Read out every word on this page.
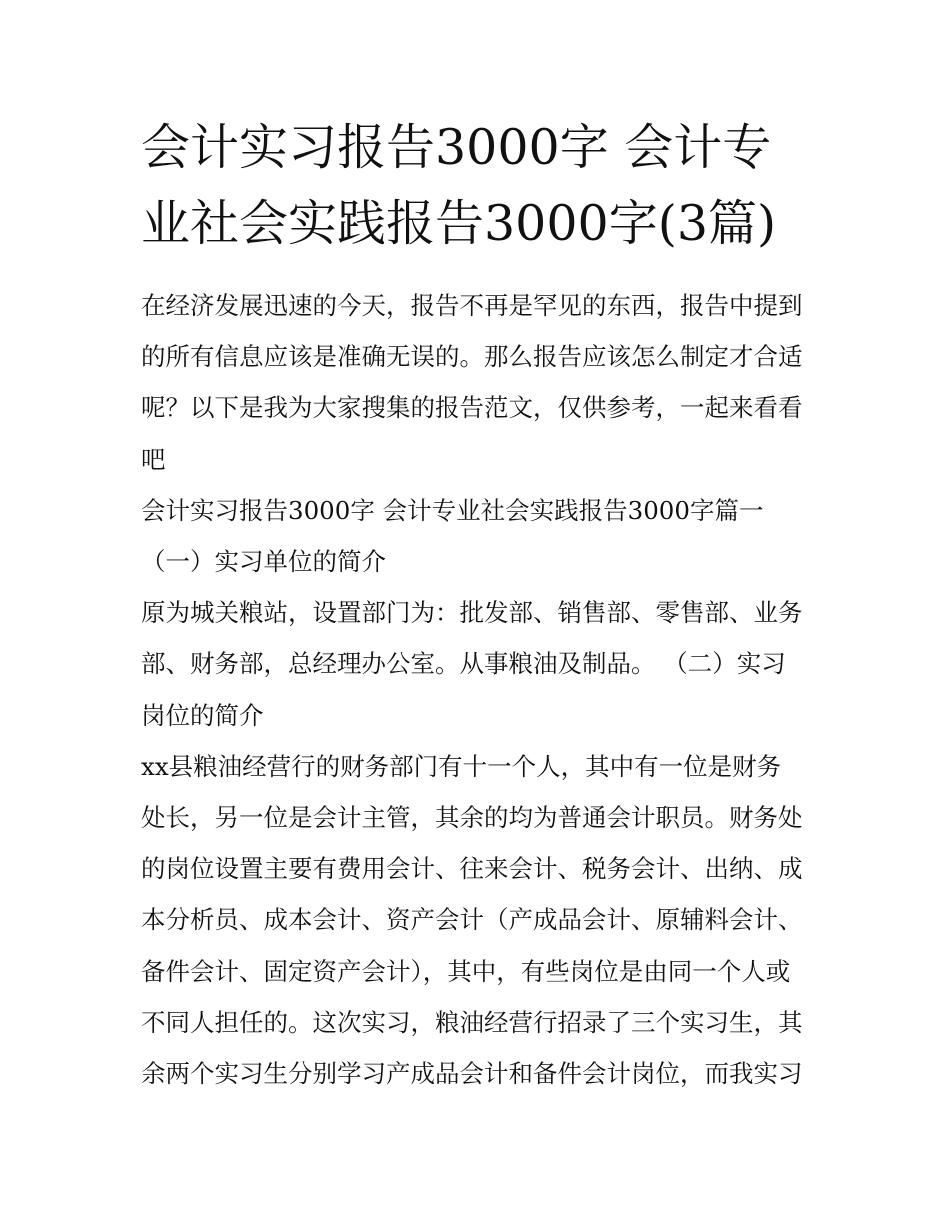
会计实习报告3000字 会计专
业社会实践报告3000字(3篇)
在经济发展迅速的今天，报告不再是罕见的东西，报告中提到
的所有信息应该是准确无误的。那么报告应该怎么制定才合适
呢？以下是我为大家搜集的报告范文，仅供参考，一起来看看
吧
会计实习报告3000字 会计专业社会实践报告3000字篇一
（一）实习单位的简介
原为城关粮站，设置部门为：批发部、销售部、零售部、业务
部、财务部，总经理办公室。从事粮油及制品。 （二）实习
岗位的简介
xx县粮油经营行的财务部门有十一个人，其中有一位是财务
处长，另一位是会计主管，其余的均为普通会计职员。财务处
的岗位设置主要有费用会计、往来会计、税务会计、出纳、成
本分析员、成本会计、资产会计（产成品会计、原辅料会计、
备件会计、固定资产会计），其中，有些岗位是由同一个人或
不同人担任的。这次实习，粮油经营行招录了三个实习生，其
余两个实习生分别学习产成品会计和备件会计岗位，而我实习
